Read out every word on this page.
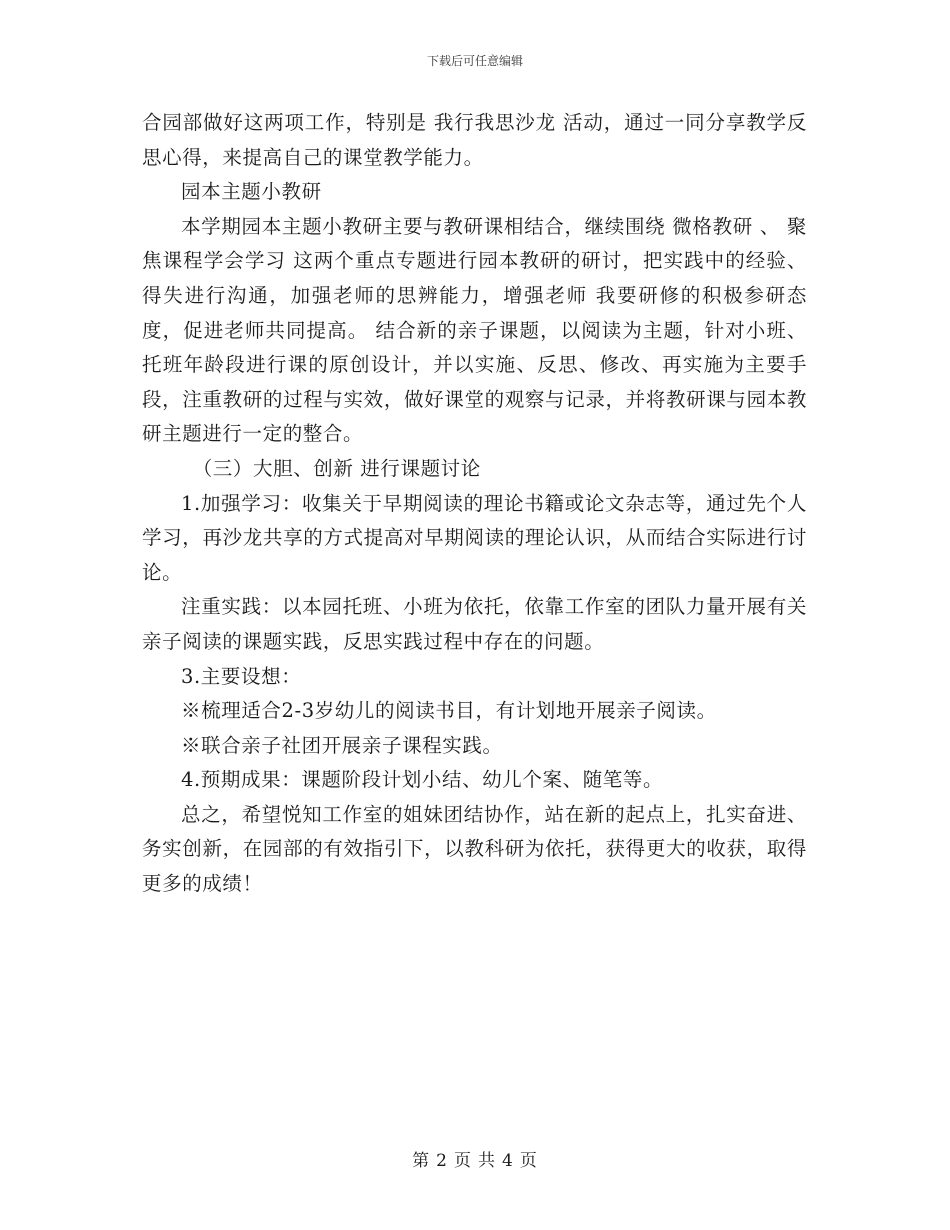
下载后可任意编辑

合园部做好这两项工作，特别是 我行我思沙龙 活动，通过一同分享教学反思心得，来提高自己的课堂教学能力。

园本主题小教研

本学期园本主题小教研主要与教研课相结合，继续围绕 微格教研 、 聚焦课程学会学习 这两个重点专题进行园本教研的研讨，把实践中的经验、得失进行沟通，加强老师的思辨能力，增强老师 我要研修的积极参研态度，促进老师共同提高。 结合新的亲子课题，以阅读为主题，针对小班、托班年龄段进行课的原创设计，并以实施、反思、修改、再实施为主要手段，注重教研的过程与实效，做好课堂的观察与记录，并将教研课与园本教研主题进行一定的整合。

（三）大胆、创新 进行课题讨论

1.加强学习：收集关于早期阅读的理论书籍或论文杂志等，通过先个人学习，再沙龙共享的方式提高对早期阅读的理论认识，从而结合实际进行讨论。

注重实践：以本园托班、小班为依托，依靠工作室的团队力量开展有关亲子阅读的课题实践，反思实践过程中存在的问题。

3.主要设想：

※梳理适合2-3岁幼儿的阅读书目，有计划地开展亲子阅读。

※联合亲子社团开展亲子课程实践。

4.预期成果：课题阶段计划小结、幼儿个案、随笔等。

总之，希望悦知工作室的姐妹团结协作，站在新的起点上，扎实奋进、务实创新，在园部的有效指引下，以教科研为依托，获得更大的收获，取得更多的成绩！

第 2 页 共 4 页
